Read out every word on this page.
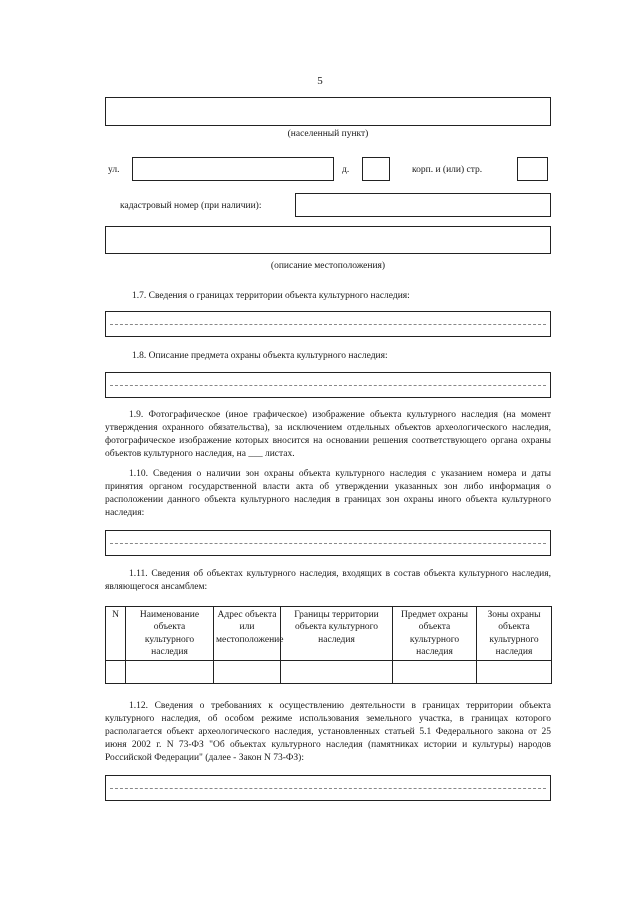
5
(населенный пункт)
ул.	д.	корп. и (или) стр.
кадастровый номер (при наличии):
(описание местоположения)
1.7. Сведения о границах территории объекта культурного наследия:
1.8. Описание предмета охраны объекта культурного наследия:
1.9. Фотографическое (иное графическое) изображение объекта культурного наследия (на момент утверждения охранного обязательства), за исключением отдельных объектов археологического наследия, фотографическое изображение которых вносится на основании решения соответствующего органа охраны объектов культурного наследия, на ___ листах.
1.10. Сведения о наличии зон охраны объекта культурного наследия с указанием номера и даты принятия органом государственной власти акта об утверждении указанных зон либо информация о расположении данного объекта культурного наследия в границах зон охраны иного объекта культурного наследия:
1.11. Сведения об объектах культурного наследия, входящих в состав объекта культурного наследия, являющегося ансамблем:
N	Наименование объекта культурного наследия	Адрес объекта или местоположение	Границы территории объекта культурного наследия	Предмет охраны объекта культурного наследия	Зоны охраны объекта культурного наследия

1.12. Сведения о требованиях к осуществлению деятельности в границах территории объекта культурного наследия, об особом режиме использования земельного участка, в границах которого располагается объект археологического наследия, установленных статьей 5.1 Федерального закона от 25 июня 2002 г. N 73-ФЗ "Об объектах культурного наследия (памятниках истории и культуры) народов Российской Федерации" (далее - Закон N 73-ФЗ):
